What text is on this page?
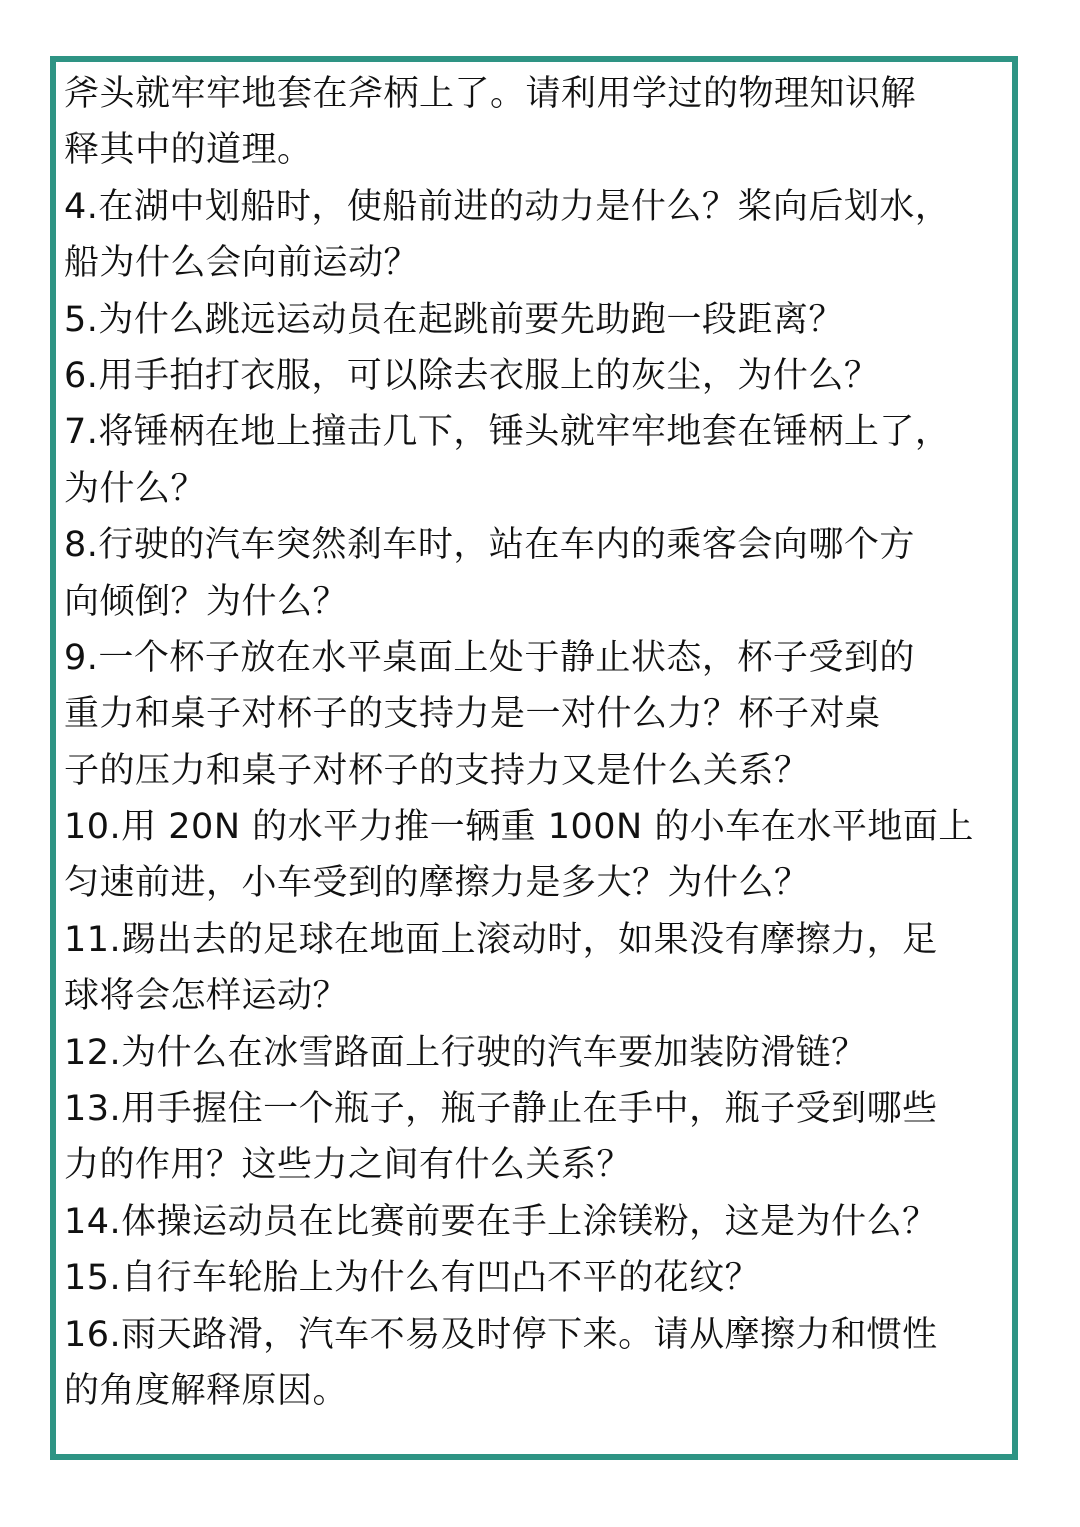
斧头就牢牢地套在斧柄上了。请利用学过的物理知识解
释其中的道理。
4.在湖中划船时，使船前进的动力是什么？桨向后划水，
船为什么会向前运动？
5.为什么跳远运动员在起跳前要先助跑一段距离？
6.用手拍打衣服，可以除去衣服上的灰尘，为什么？
7.将锤柄在地上撞击几下，锤头就牢牢地套在锤柄上了，
为什么？
8.行驶的汽车突然刹车时，站在车内的乘客会向哪个方
向倾倒？为什么？
9.一个杯子放在水平桌面上处于静止状态，杯子受到的
重力和桌子对杯子的支持力是一对什么力？杯子对桌
子的压力和桌子对杯子的支持力又是什么关系？
10.用 20N 的水平力推一辆重 100N 的小车在水平地面上
匀速前进，小车受到的摩擦力是多大？为什么？
11.踢出去的足球在地面上滚动时，如果没有摩擦力，足
球将会怎样运动？
12.为什么在冰雪路面上行驶的汽车要加装防滑链？
13.用手握住一个瓶子，瓶子静止在手中，瓶子受到哪些
力的作用？这些力之间有什么关系？
14.体操运动员在比赛前要在手上涂镁粉，这是为什么？
15.自行车轮胎上为什么有凹凸不平的花纹？
16.雨天路滑，汽车不易及时停下来。请从摩擦力和惯性
的角度解释原因。
